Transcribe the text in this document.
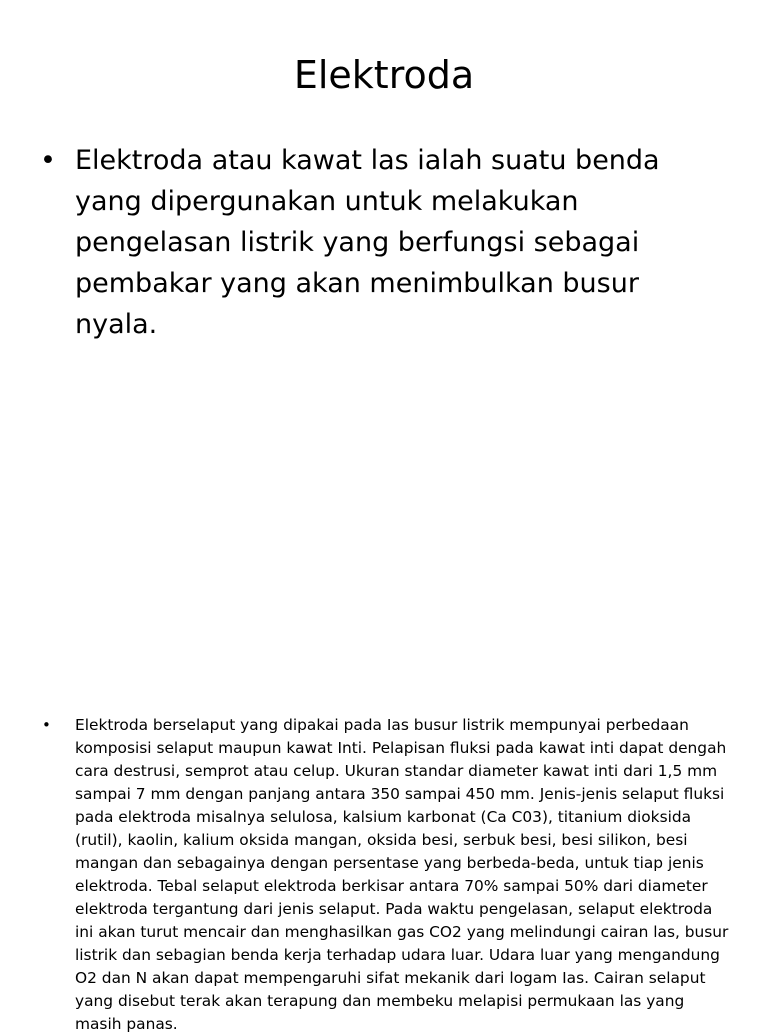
Elektroda
• Elektroda atau kawat las ialah suatu benda yang dipergunakan untuk melakukan pengelasan listrik yang berfungsi sebagai pembakar yang akan menimbulkan busur nyala.
• Elektroda berselaput yang dipakai pada Ias busur listrik mempunyai perbedaan komposisi selaput maupun kawat Inti. Pelapisan fluksi pada kawat inti dapat dengah cara destrusi, semprot atau celup. Ukuran standar diameter kawat inti dari 1,5 mm sampai 7 mm dengan panjang antara 350 sampai 450 mm. Jenis-jenis selaput fluksi pada elektroda misalnya selulosa, kalsium karbonat (Ca C03), titanium dioksida (rutil), kaolin, kalium oksida mangan, oksida besi, serbuk besi, besi silikon, besi mangan dan sebagainya dengan persentase yang berbeda-beda, untuk tiap jenis elektroda. Tebal selaput elektroda berkisar antara 70% sampai 50% dari diameter elektroda tergantung dari jenis selaput. Pada waktu pengelasan, selaput elektroda ini akan turut mencair dan menghasilkan gas CO2 yang melindungi cairan las, busur listrik dan sebagian benda kerja terhadap udara luar. Udara luar yang mengandung O2 dan N akan dapat mempengaruhi sifat mekanik dari logam Ias. Cairan selaput yang disebut terak akan terapung dan membeku melapisi permukaan las yang masih panas.
